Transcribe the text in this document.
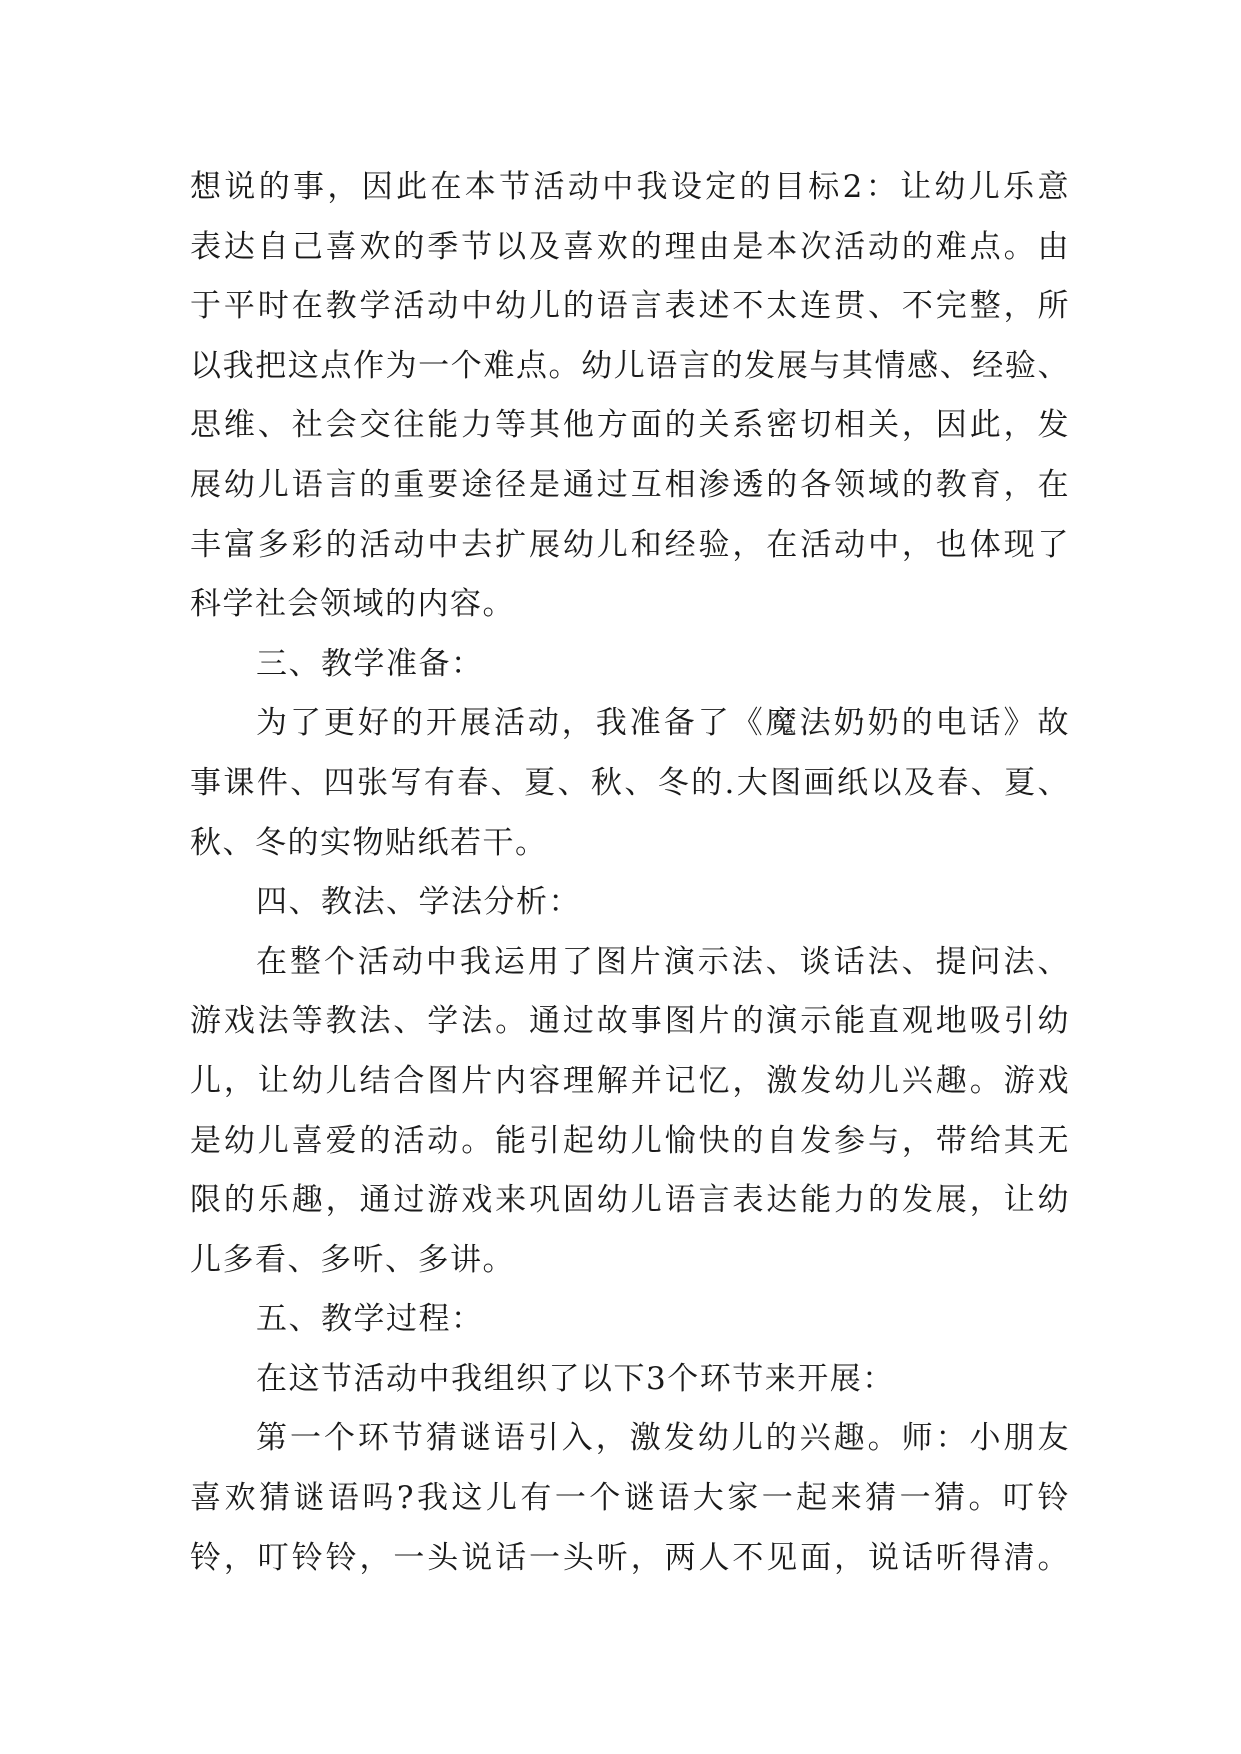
想说的事，因此在本节活动中我设定的目标2：让幼儿乐意
表达自己喜欢的季节以及喜欢的理由是本次活动的难点。由
于平时在教学活动中幼儿的语言表述不太连贯、不完整，所
以我把这点作为一个难点。幼儿语言的发展与其情感、经验、
思维、社会交往能力等其他方面的关系密切相关，因此，发
展幼儿语言的重要途径是通过互相渗透的各领域的教育，在
丰富多彩的活动中去扩展幼儿和经验，在活动中，也体现了
科学社会领域的内容。
三、教学准备：
为了更好的开展活动，我准备了《魔法奶奶的电话》故
事课件、四张写有春、夏、秋、冬的.大图画纸以及春、夏、
秋、冬的实物贴纸若干。
四、教法、学法分析：
在整个活动中我运用了图片演示法、谈话法、提问法、
游戏法等教法、学法。通过故事图片的演示能直观地吸引幼
儿，让幼儿结合图片内容理解并记忆，激发幼儿兴趣。游戏
是幼儿喜爱的活动。能引起幼儿愉快的自发参与，带给其无
限的乐趣，通过游戏来巩固幼儿语言表达能力的发展，让幼
儿多看、多听、多讲。
五、教学过程：
在这节活动中我组织了以下3个环节来开展：
第一个环节猜谜语引入，激发幼儿的兴趣。师：小朋友
喜欢猜谜语吗?我这儿有一个谜语大家一起来猜一猜。叮铃
铃，叮铃铃，一头说话一头听，两人不见面，说话听得清。
